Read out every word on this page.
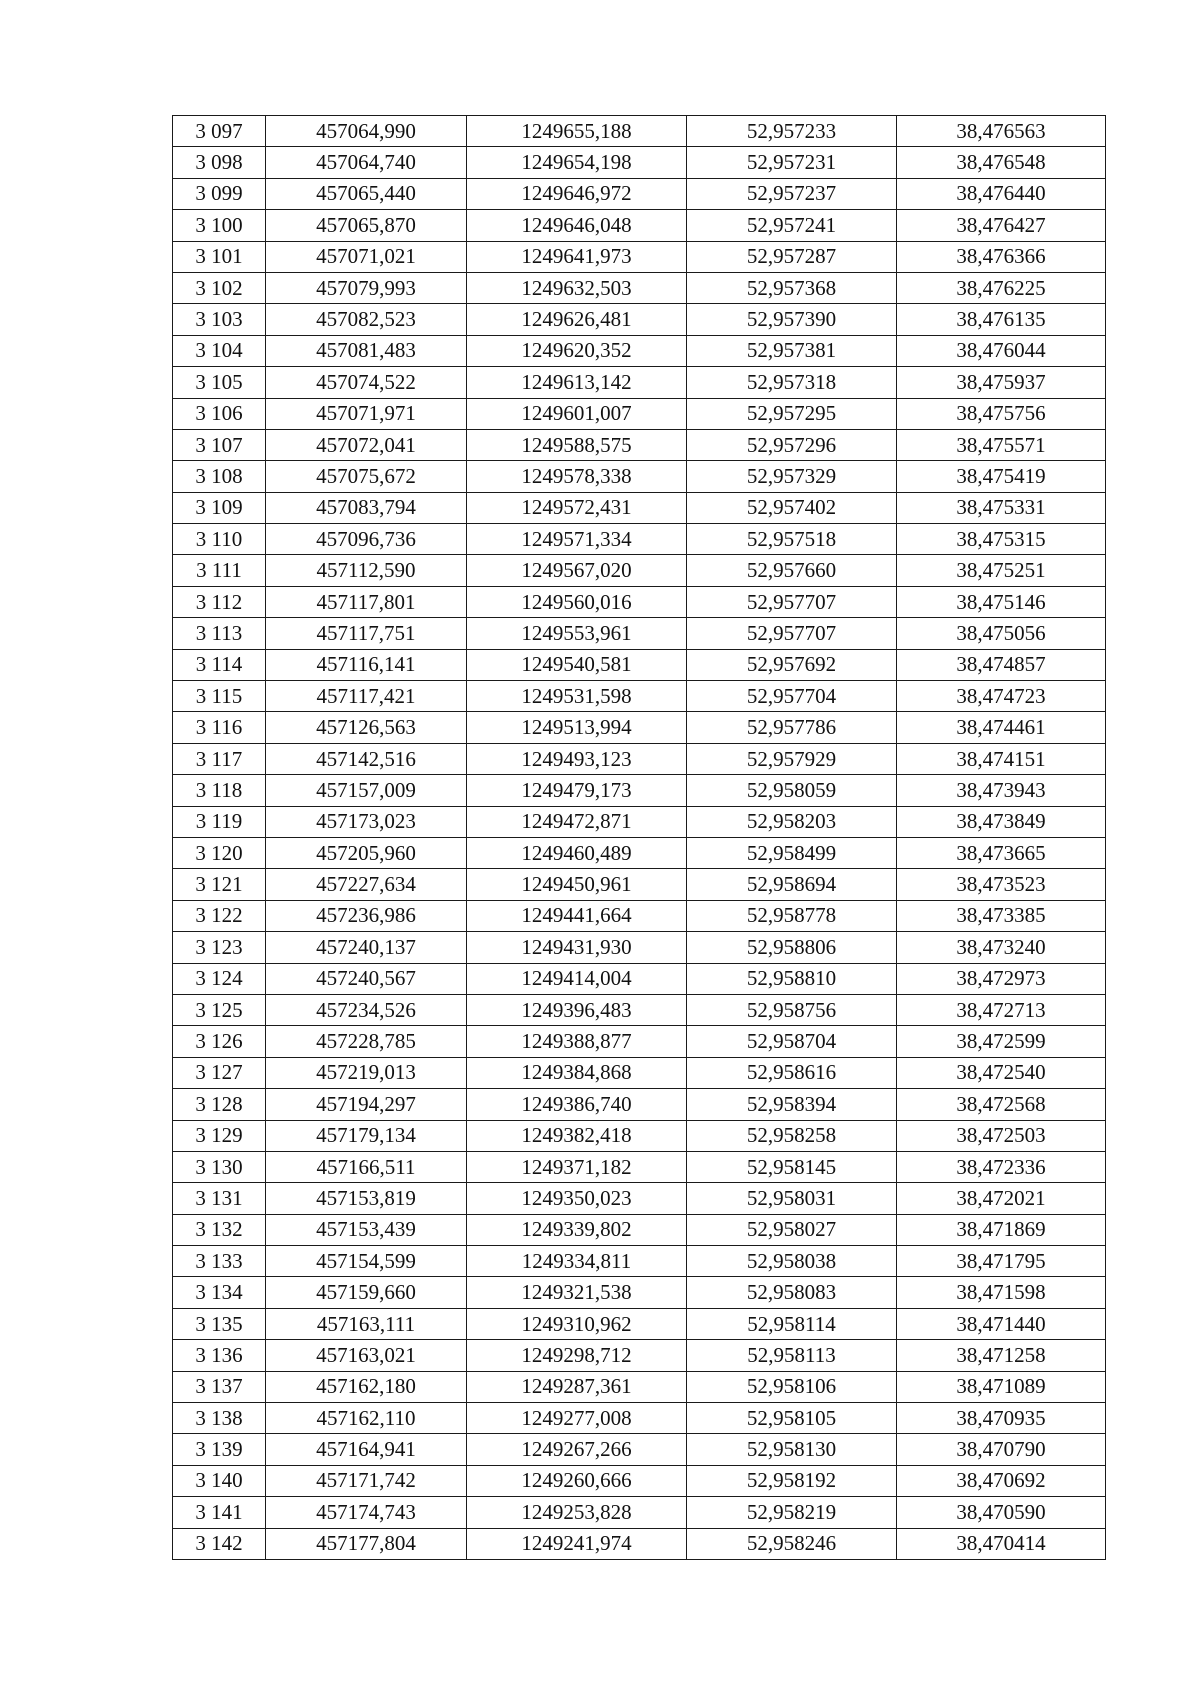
3 097	457064,990	1249655,188	52,957233	38,476563
3 098	457064,740	1249654,198	52,957231	38,476548
3 099	457065,440	1249646,972	52,957237	38,476440
3 100	457065,870	1249646,048	52,957241	38,476427
3 101	457071,021	1249641,973	52,957287	38,476366
3 102	457079,993	1249632,503	52,957368	38,476225
3 103	457082,523	1249626,481	52,957390	38,476135
3 104	457081,483	1249620,352	52,957381	38,476044
3 105	457074,522	1249613,142	52,957318	38,475937
3 106	457071,971	1249601,007	52,957295	38,475756
3 107	457072,041	1249588,575	52,957296	38,475571
3 108	457075,672	1249578,338	52,957329	38,475419
3 109	457083,794	1249572,431	52,957402	38,475331
3 110	457096,736	1249571,334	52,957518	38,475315
3 111	457112,590	1249567,020	52,957660	38,475251
3 112	457117,801	1249560,016	52,957707	38,475146
3 113	457117,751	1249553,961	52,957707	38,475056
3 114	457116,141	1249540,581	52,957692	38,474857
3 115	457117,421	1249531,598	52,957704	38,474723
3 116	457126,563	1249513,994	52,957786	38,474461
3 117	457142,516	1249493,123	52,957929	38,474151
3 118	457157,009	1249479,173	52,958059	38,473943
3 119	457173,023	1249472,871	52,958203	38,473849
3 120	457205,960	1249460,489	52,958499	38,473665
3 121	457227,634	1249450,961	52,958694	38,473523
3 122	457236,986	1249441,664	52,958778	38,473385
3 123	457240,137	1249431,930	52,958806	38,473240
3 124	457240,567	1249414,004	52,958810	38,472973
3 125	457234,526	1249396,483	52,958756	38,472713
3 126	457228,785	1249388,877	52,958704	38,472599
3 127	457219,013	1249384,868	52,958616	38,472540
3 128	457194,297	1249386,740	52,958394	38,472568
3 129	457179,134	1249382,418	52,958258	38,472503
3 130	457166,511	1249371,182	52,958145	38,472336
3 131	457153,819	1249350,023	52,958031	38,472021
3 132	457153,439	1249339,802	52,958027	38,471869
3 133	457154,599	1249334,811	52,958038	38,471795
3 134	457159,660	1249321,538	52,958083	38,471598
3 135	457163,111	1249310,962	52,958114	38,471440
3 136	457163,021	1249298,712	52,958113	38,471258
3 137	457162,180	1249287,361	52,958106	38,471089
3 138	457162,110	1249277,008	52,958105	38,470935
3 139	457164,941	1249267,266	52,958130	38,470790
3 140	457171,742	1249260,666	52,958192	38,470692
3 141	457174,743	1249253,828	52,958219	38,470590
3 142	457177,804	1249241,974	52,958246	38,470414
